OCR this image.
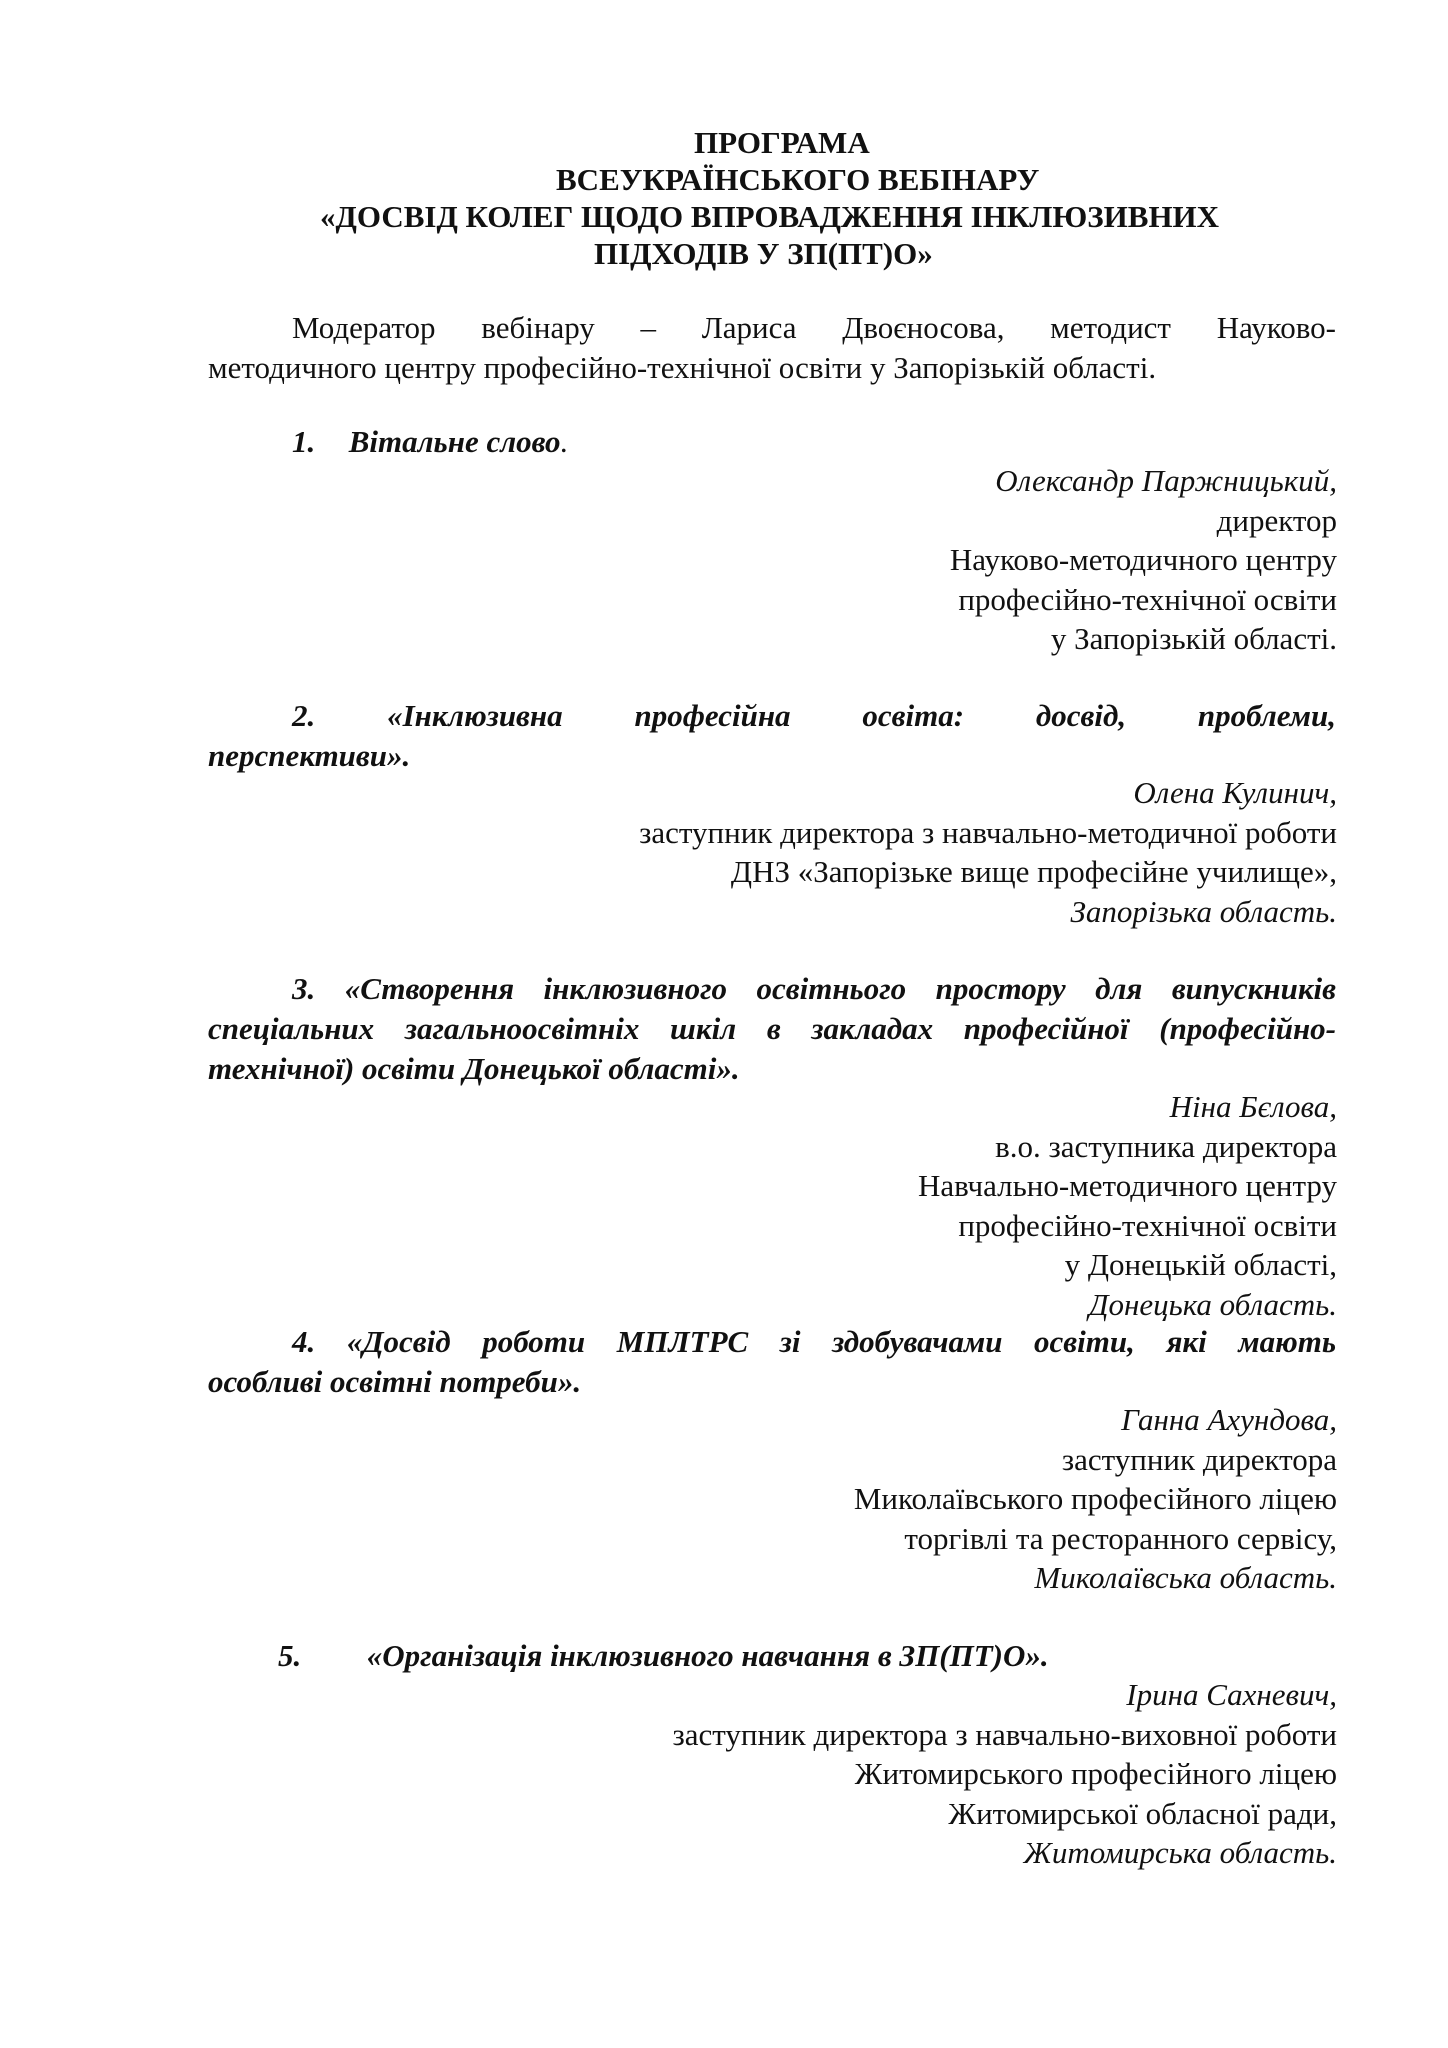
ПРОГРАМА
ВСЕУКРАЇНСЬКОГО ВЕБІНАРУ
«ДОСВІД КОЛЕГ ЩОДО ВПРОВАДЖЕННЯ ІНКЛЮЗИВНИХ
ПІДХОДІВ У ЗП(ПТ)О»
Модератор вебінару – Лариса Двоєносова, методист Науково-
методичного центру професійно-технічної освіти у Запорізькій області.
1. Вітальне слово.
Олександр Паржницький,
директор
Науково-методичного центру
професійно-технічної освіти
у Запорізькій області.
2. «Інклюзивна професійна освіта: досвід, проблеми,
перспективи».
Олена Кулинич,
заступник директора з навчально-методичної роботи
ДНЗ «Запорізьке вище професійне училище»,
Запорізька область.
3. «Створення інклюзивного освітнього простору для випускників
спеціальних загальноосвітніх шкіл в закладах професійної (професійно-
технічної) освіти Донецької області».
Ніна Бєлова,
в.о. заступника директора
Навчально-методичного центру
професійно-технічної освіти
у Донецькій області,
Донецька область.
4. «Досвід роботи МПЛТРС зі здобувачами освіти, які мають
особливі освітні потреби».
Ганна Ахундова,
заступник директора
Миколаївського професійного ліцею
торгівлі та ресторанного сервісу,
Миколаївська область.
5. «Організація інклюзивного навчання в ЗП(ПТ)О».
Ірина Сахневич,
заступник директора з навчально-виховної роботи
Житомирського професійного ліцею
Житомирської обласної ради,
Житомирська область.
